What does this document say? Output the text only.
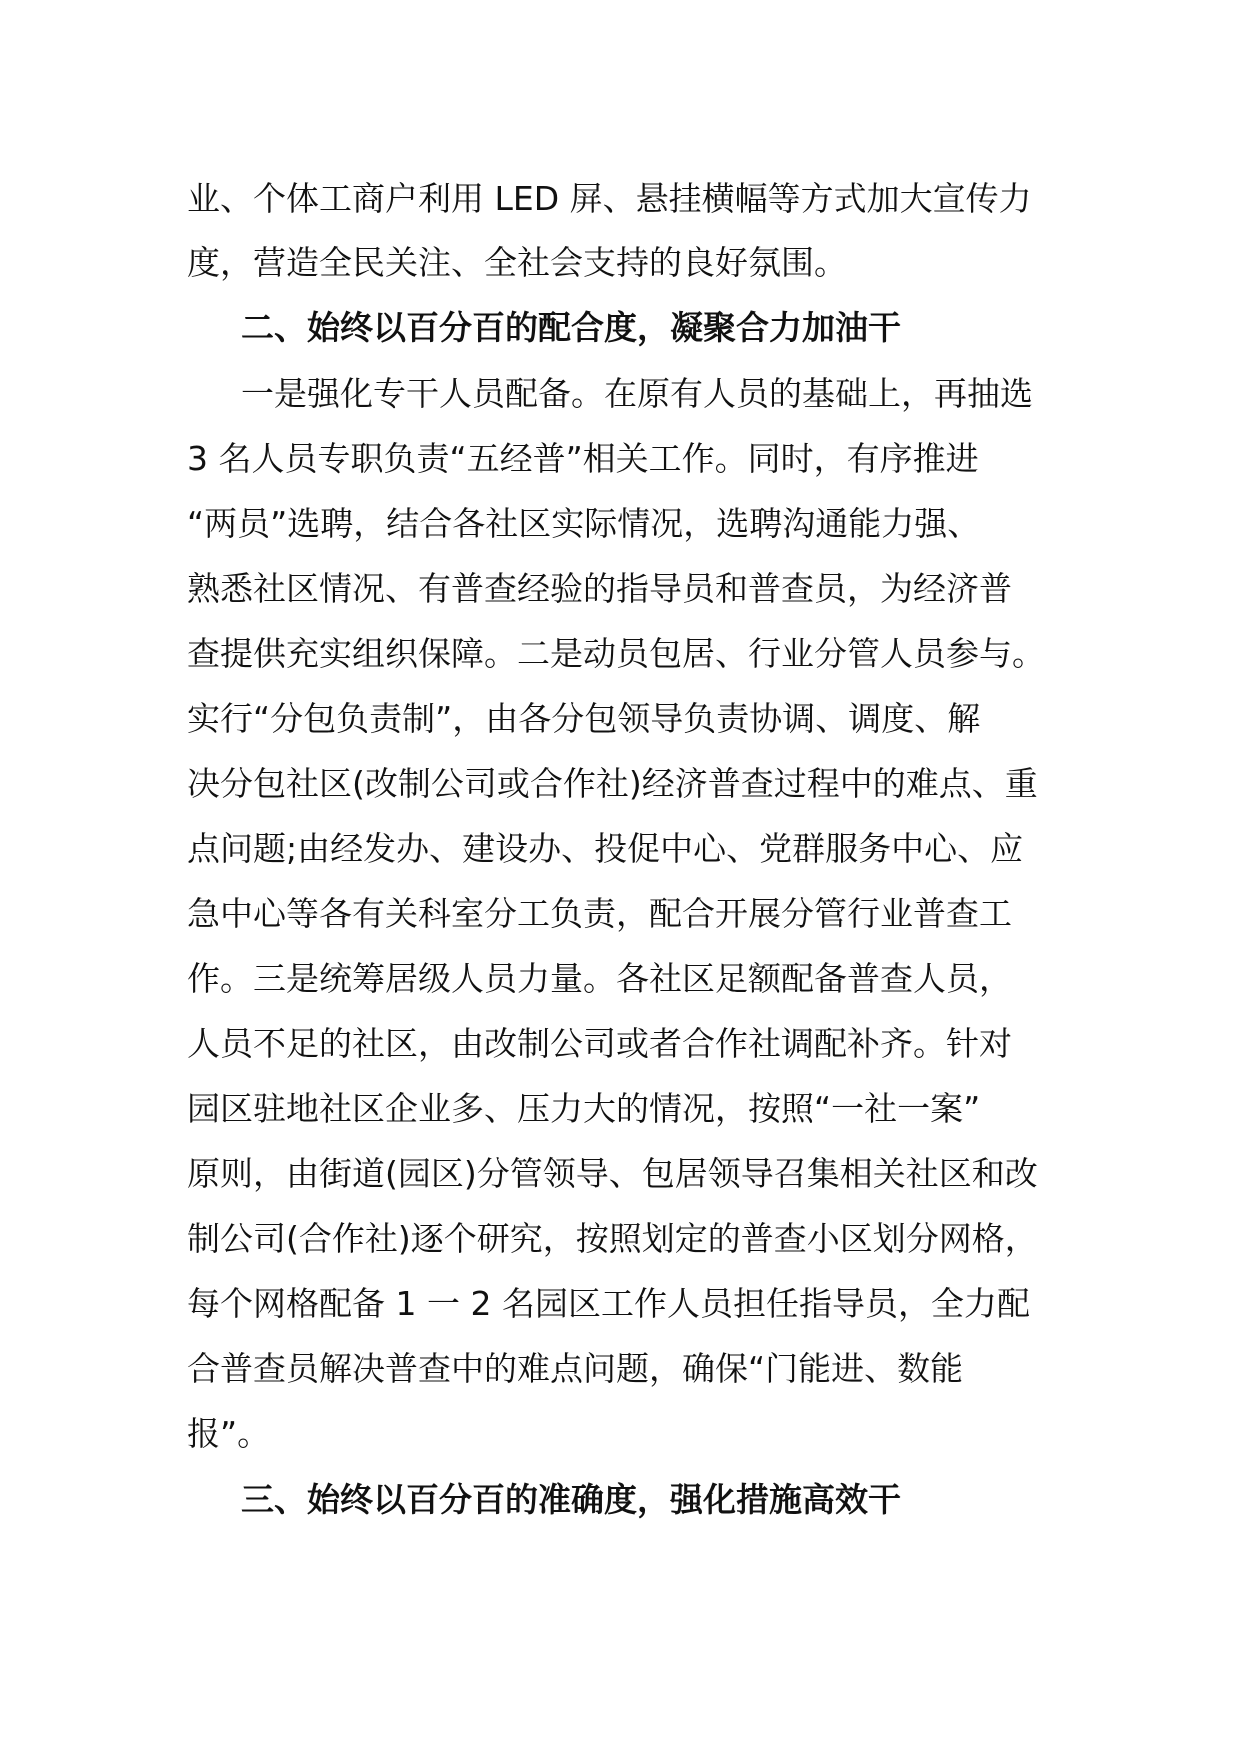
业、个体工商户利用 LED 屏、悬挂横幅等方式加大宣传力
度，营造全民关注、全社会支持的良好氛围。
二、始终以百分百的配合度，凝聚合力加油干
一是强化专干人员配备。在原有人员的基础上，再抽选
3 名人员专职负责“五经普”相关工作。同时，有序推进
“两员”选聘，结合各社区实际情况，选聘沟通能力强、
熟悉社区情况、有普查经验的指导员和普查员，为经济普
查提供充实组织保障。二是动员包居、行业分管人员参与。
实行“分包负责制”，由各分包领导负责协调、调度、解
决分包社区(改制公司或合作社)经济普查过程中的难点、重
点问题;由经发办、建设办、投促中心、党群服务中心、应
急中心等各有关科室分工负责，配合开展分管行业普查工
作。三是统筹居级人员力量。各社区足额配备普查人员，
人员不足的社区，由改制公司或者合作社调配补齐。针对
园区驻地社区企业多、压力大的情况，按照“一社一案”
原则，由街道(园区)分管领导、包居领导召集相关社区和改
制公司(合作社)逐个研究，按照划定的普查小区划分网格，
每个网格配备 1 一 2 名园区工作人员担任指导员，全力配
合普查员解决普查中的难点问题，确保“门能进、数能
报”。
三、始终以百分百的准确度，强化措施高效干
